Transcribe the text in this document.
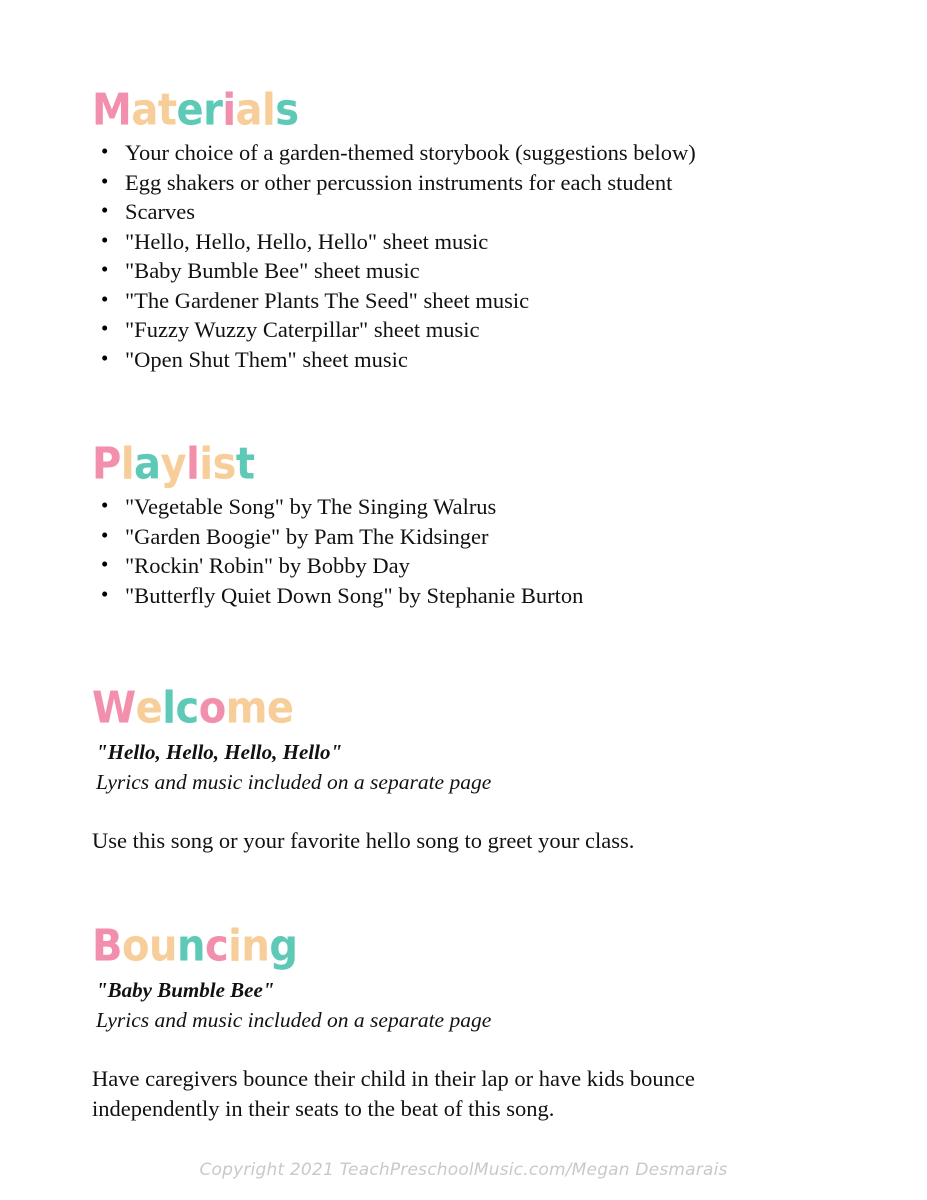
Materials
• Your choice of a garden-themed storybook (suggestions below)
• Egg shakers or other percussion instruments for each student
• Scarves
• "Hello, Hello, Hello, Hello" sheet music
• "Baby Bumble Bee" sheet music
• "The Gardener Plants The Seed" sheet music
• "Fuzzy Wuzzy Caterpillar" sheet music
• "Open Shut Them" sheet music
Playlist
• "Vegetable Song" by The Singing Walrus
• "Garden Boogie" by Pam The Kidsinger
• "Rockin' Robin" by Bobby Day
• "Butterfly Quiet Down Song" by Stephanie Burton
Welcome

"Hello, Hello, Hello, Hello"

Lyrics and music included on a separate page

Use this song or your favorite hello song to greet your class.

Bouncing

"Baby Bumble Bee"

Lyrics and music included on a separate page

Have caregivers bounce their child in their lap or have kids bounce independently in their seats to the beat of this song.

Copyright 2021 TeachPreschoolMusic.com/Megan Desmarais
